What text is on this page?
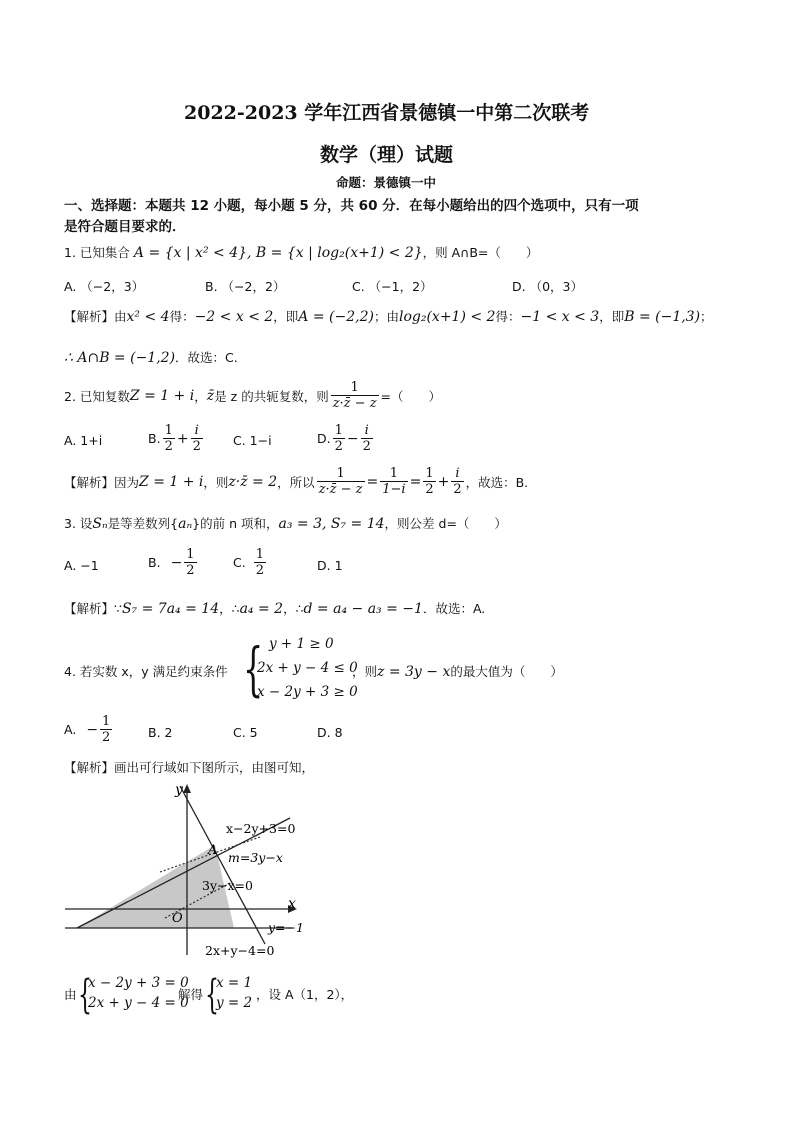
2022-2023 学年江西省景德镇一中第二次联考
数学（理）试题
命题：景德镇一中
一、选择题：本题共 12 小题，每小题 5 分，共 60 分．在每小题给出的四个选项中，只有一项
是符合题目要求的．
1. 已知集合 A = {x | x² < 4}, B = {x | log₂(x+1) < 2}，则 A∩B=（　　）
A. （−2，3）	B. （−2，2）	C. （−1，2）	D. （0，3）
【解析】由x² < 4得：−2 < x < 2，即A = (−2,2)；由log₂(x+1) < 2得：−1 < x < 3，即B = (−1,3)；
∴ A∩B = (−1,2)．故选：C.
2. 已知复数 Z = 1 + i ， z̄ 是 z 的共轭复数，则 $\frac{1}{z\cdot z̄ - z}$ =（　　）
A. 1+i	B. $\frac{1}{2} + \frac{i}{2} C$. 1−i	D. $\frac{1}{2} - \frac{i}{2}$
【解析】因为 Z = 1 + i ，则 z·z̄ = 2 ，所以 $\frac{1}{z\cdot z̄ - z} = \frac{1}{1-i} = \frac{1}{2} + \frac{i}{2}$ ，故选：B.
3. 设Sₙ是等差数列{aₙ}的前 n 项和，a₃ = 3, S₇ = 14，则公差 d=（　　）
A. −1	B. − $\frac{1}{2}$	C. $\frac{1}{2}$	D. 1
【解析】∵S₇ = 7a₄ = 14，∴a₄ = 2，∴d = a₄ − a₃ = −1．故选：A.
4. 若实数 x，y 满足约束条件 { y + 1 ≥ 0
2x + y − 4 ≤ 0
x − 2y + 3 ≥ 0
，则z = 3y − x的最大值为（　　）
A. − $\frac{1}{2}$	B. 2	C. 5	D. 8
【解析】画出可行域如下图所示，由图可知，
y
x
O
A
x−2y+3=0
m=3y−x
3y−x=0
y=−1
2x+y−4=0
由 {
x − 2y + 3 = 0
2x + y − 4 = 0
解得 {
x = 1
y = 2
，设 A（1，2），
